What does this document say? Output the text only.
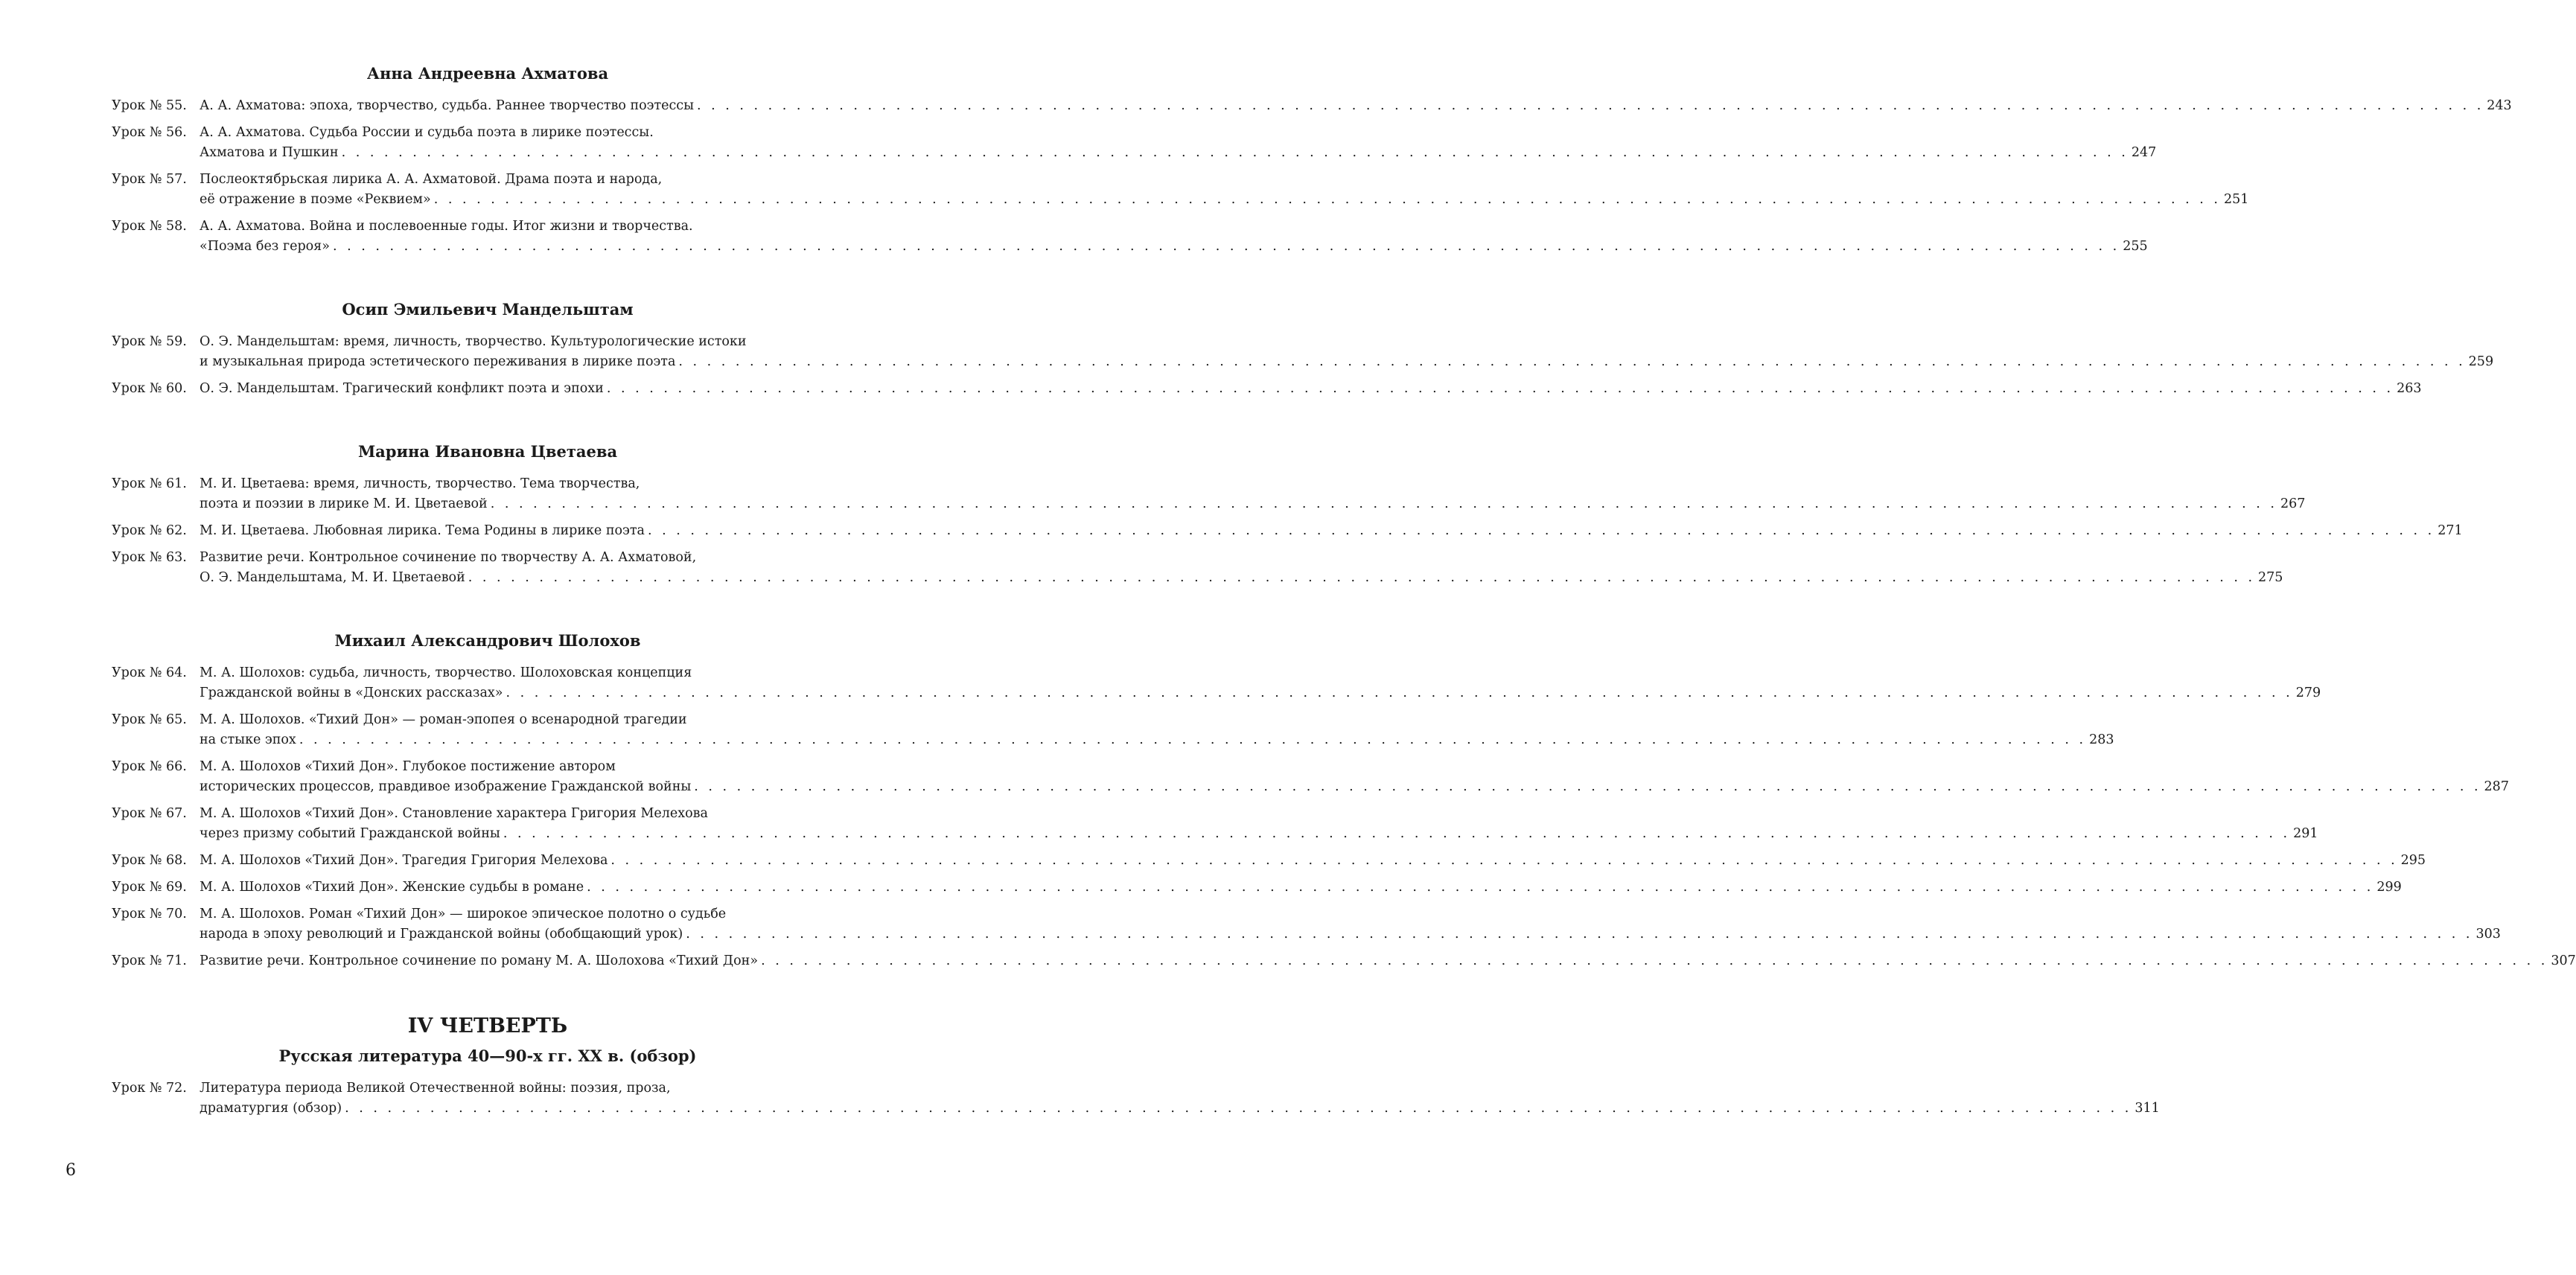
Анна Андреевна Ахматова
Урок № 55. А. А. Ахматова: эпоха, творчество, судьба. Раннее творчество поэтессы . . .	243
Урок № 56. А. А. Ахматова. Судьба России и судьба поэта в лирике поэтессы.
Ахматова и Пушкин . . .	247
Урок № 57. Послеоктябрьская лирика А. А. Ахматовой. Драма поэта и народа,
её отражение в поэме «Реквием» . . .	251
Урок № 58. А. А. Ахматова. Война и послевоенные годы. Итог жизни и творчества.
«Поэма без героя» . . .	255
Осип Эмильевич Мандельштам
Урок № 59. О. Э. Мандельштам: время, личность, творчество. Культурологические истоки
и музыкальная природа эстетического переживания в лирике поэта . . .	259
Урок № 60. О. Э. Мандельштам. Трагический конфликт поэта и эпохи . . .	263
Марина Ивановна Цветаева
Урок № 61. М. И. Цветаева: время, личность, творчество. Тема творчества,
поэта и поэзии в лирике М. И. Цветаевой . . .	267
Урок № 62. М. И. Цветаева. Любовная лирика. Тема Родины в лирике поэта . . .	271
Урок № 63. Развитие речи. Контрольное сочинение по творчеству А. А. Ахматовой,
О. Э. Мандельштама, М. И. Цветаевой . . .	275
Михаил Александрович Шолохов
Урок № 64. М. А. Шолохов: судьба, личность, творчество. Шолоховская концепция
Гражданской войны в «Донских рассказах» . . .	279
Урок № 65. М. А. Шолохов. «Тихий Дон» — роман-эпопея о всенародной трагедии
на стыке эпох . . .	283
Урок № 66. М. А. Шолохов «Тихий Дон». Глубокое постижение автором
исторических процессов, правдивое изображение Гражданской войны . . .	287
Урок № 67. М. А. Шолохов «Тихий Дон». Становление характера Григория Мелехова
через призму событий Гражданской войны . . .	291
Урок № 68. М. А. Шолохов «Тихий Дон». Трагедия Григория Мелехова . . .	295
Урок № 69. М. А. Шолохов «Тихий Дон». Женские судьбы в романе . . .	299
Урок № 70. М. А. Шолохов. Роман «Тихий Дон» — широкое эпическое полотно о судьбе
народа в эпоху революций и Гражданской войны (обобщающий урок) . . .	303
Урок № 71. Развитие речи. Контрольное сочинение по роману М. А. Шолохова «Тихий Дон» . . .	307
IV ЧЕТВЕРТЬ
Русская литература 40—90-х гг. XX в. (обзор)
Урок № 72. Литература периода Великой Отечественной войны: поэзия, проза,
драматургия (обзор) . . .	311
6
